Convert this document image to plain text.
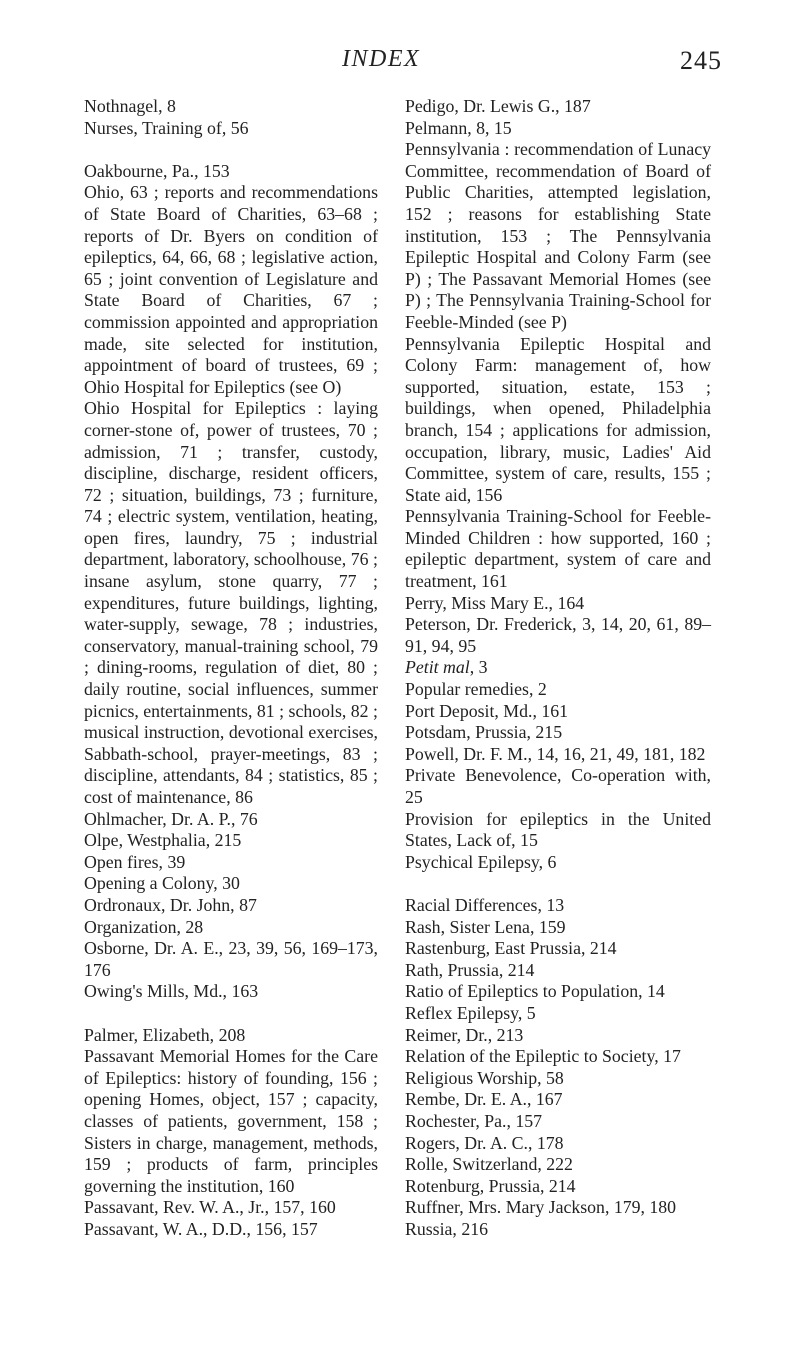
INDEX	245

Nothnagel, 8

Nurses, Training of, 56

Oakbourne, Pa., 153

Ohio, 63 ; reports and recommendations of State Board of Charities, 63–68 ; reports of Dr. Byers on condition of epileptics, 64, 66, 68 ; legislative action, 65 ; joint convention of Legislature and State Board of Charities, 67 ; commission appointed and appropriation made, site selected for institution, appointment of board of trustees, 69 ; Ohio Hospital for Epileptics (see O)

Ohio Hospital for Epileptics : laying corner-stone of, power of trustees, 70 ; admission, 71 ; transfer, custody, discipline, discharge, resident officers, 72 ; situation, buildings, 73 ; furniture, 74 ; electric system, ventilation, heating, open fires, laundry, 75 ; industrial department, laboratory, schoolhouse, 76 ; insane asylum, stone quarry, 77 ; expenditures, future buildings, lighting, water-supply, sewage, 78 ; industries, conservatory, manual-training school, 79 ; dining-rooms, regulation of diet, 80 ; daily routine, social influences, summer picnics, entertainments, 81 ; schools, 82 ; musical instruction, devotional exercises, Sabbath-school, prayer-meetings, 83 ; discipline, attendants, 84 ; statistics, 85 ; cost of maintenance, 86

Ohlmacher, Dr. A. P., 76

Olpe, Westphalia, 215

Open fires, 39

Opening a Colony, 30

Ordronaux, Dr. John, 87

Organization, 28

Osborne, Dr. A. E., 23, 39, 56, 169–173, 176

Owing's Mills, Md., 163

Palmer, Elizabeth, 208

Passavant Memorial Homes for the Care of Epileptics: history of founding, 156 ; opening Homes, object, 157 ; capacity, classes of patients, government, 158 ; Sisters in charge, management, methods, 159 ; products of farm, principles governing the institution, 160

Passavant, Rev. W. A., Jr., 157, 160

Passavant, W. A., D.D., 156, 157

Pedigo, Dr. Lewis G., 187

Pelmann, 8, 15

Pennsylvania : recommendation of Lunacy Committee, recommendation of Board of Public Charities, attempted legislation, 152 ; reasons for establishing State institution, 153 ; The Pennsylvania Epileptic Hospital and Colony Farm (see P) ; The Passavant Memorial Homes (see P) ; The Pennsylvania Training-School for Feeble-Minded (see P)

Pennsylvania Epileptic Hospital and Colony Farm: management of, how supported, situation, estate, 153 ; buildings, when opened, Philadelphia branch, 154 ; applications for admission, occupation, library, music, Ladies' Aid Committee, system of care, results, 155 ; State aid, 156

Pennsylvania Training-School for Feeble-Minded Children : how supported, 160 ; epileptic department, system of care and treatment, 161

Perry, Miss Mary E., 164

Peterson, Dr. Frederick, 3, 14, 20, 61, 89–91, 94, 95

Petit mal, 3

Popular remedies, 2

Port Deposit, Md., 161

Potsdam, Prussia, 215

Powell, Dr. F. M., 14, 16, 21, 49, 181, 182

Private Benevolence, Co-operation with, 25

Provision for epileptics in the United States, Lack of, 15

Psychical Epilepsy, 6

Racial Differences, 13

Rash, Sister Lena, 159

Rastenburg, East Prussia, 214

Rath, Prussia, 214

Ratio of Epileptics to Population, 14

Reflex Epilepsy, 5

Reimer, Dr., 213

Relation of the Epileptic to Society, 17

Religious Worship, 58

Rembe, Dr. E. A., 167

Rochester, Pa., 157

Rogers, Dr. A. C., 178

Rolle, Switzerland, 222

Rotenburg, Prussia, 214

Ruffner, Mrs. Mary Jackson, 179, 180

Russia, 216
